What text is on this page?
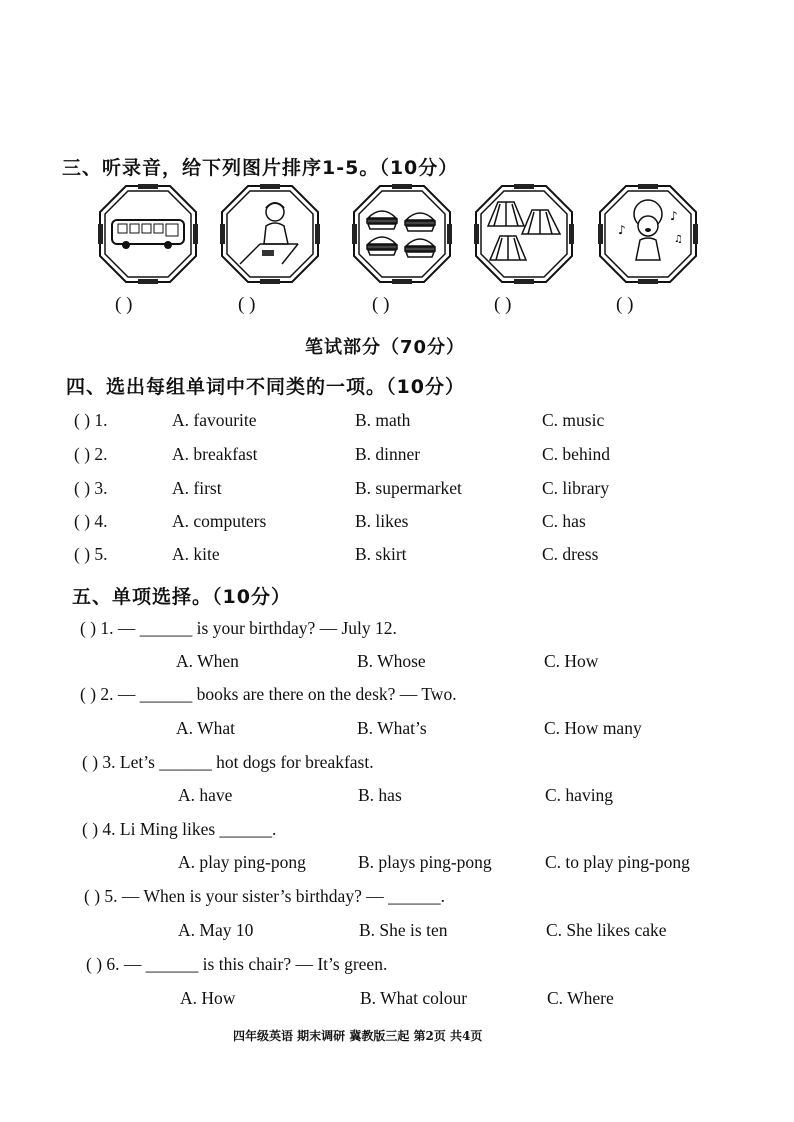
三、听录音，给下列图片排序1-5。（10分）
♪
♪
♫
( )	( )	( )	( )	( )
笔试部分（70分）
四、选出每组单词中不同类的一项。（10分）
( ) 1.	A. favourite	B. math	C. music
( ) 2.	A. breakfast	B. dinner	C. behind
( ) 3.	A. first	B. supermarket	C. library
( ) 4.	A. computers	B. likes	C. has
( ) 5.	A. kite	B. skirt	C. dress
五、单项选择。（10分）
( ) 1. — ______ is your birthday? — July 12.
A. When	B. Whose	C. How
( ) 2. — ______ books are there on the desk? — Two.
A. What	B. What’s	C. How many
( ) 3. Let’s ______ hot dogs for breakfast.
A. have	B. has	C. having
( ) 4. Li Ming likes ______.
A. play ping-pong	B. plays ping-pong	C. to play ping-pong
( ) 5. — When is your sister’s birthday? — ______.
A. May 10	B. She is ten	C. She likes cake
( ) 6. — ______ is this chair? — It’s green.
A. How	B. What colour	C. Where
四年级英语 期末调研 冀教版三起 第2页 共4页
